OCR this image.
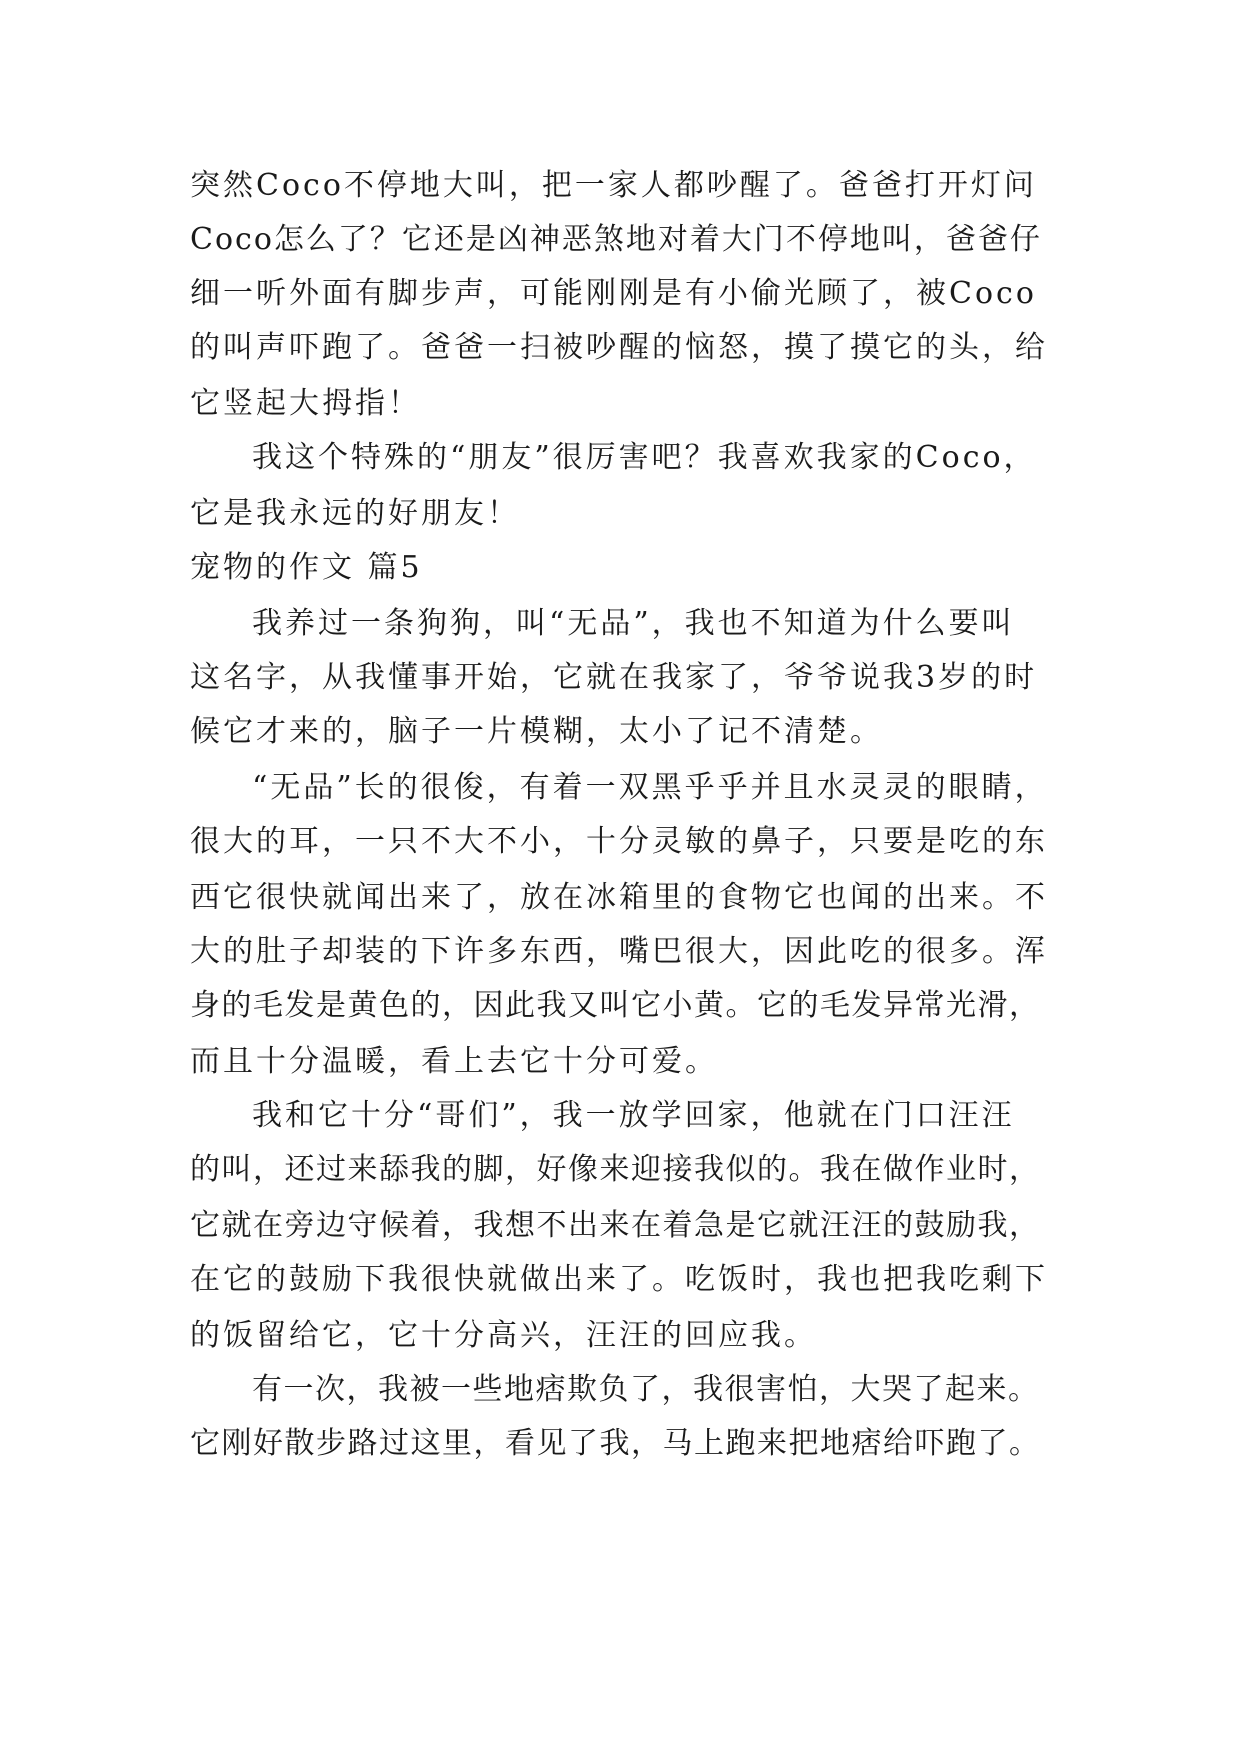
突然Coco不停地大叫，把一家人都吵醒了。爸爸打开灯问
Coco怎么了？它还是凶神恶煞地对着大门不停地叫，爸爸仔
细一听外面有脚步声，可能刚刚是有小偷光顾了，被Coco
的叫声吓跑了。爸爸一扫被吵醒的恼怒，摸了摸它的头，给
它竖起大拇指！
我这个特殊的“朋友”很厉害吧？我喜欢我家的Coco，
它是我永远的好朋友！
宠物的作文 篇5
我养过一条狗狗，叫“无品”，我也不知道为什么要叫
这名字，从我懂事开始，它就在我家了，爷爷说我3岁的时
候它才来的，脑子一片模糊，太小了记不清楚。
“无品”长的很俊，有着一双黑乎乎并且水灵灵的眼睛，
很大的耳，一只不大不小，十分灵敏的鼻子，只要是吃的东
西它很快就闻出来了，放在冰箱里的食物它也闻的出来。不
大的肚子却装的下许多东西，嘴巴很大，因此吃的很多。浑
身的毛发是黄色的，因此我又叫它小黄。它的毛发异常光滑，
而且十分温暖，看上去它十分可爱。
我和它十分“哥们”，我一放学回家，他就在门口汪汪
的叫，还过来舔我的脚，好像来迎接我似的。我在做作业时，
它就在旁边守候着，我想不出来在着急是它就汪汪的鼓励我，
在它的鼓励下我很快就做出来了。吃饭时，我也把我吃剩下
的饭留给它，它十分高兴，汪汪的回应我。
有一次，我被一些地痞欺负了，我很害怕，大哭了起来。
它刚好散步路过这里，看见了我，马上跑来把地痞给吓跑了。
